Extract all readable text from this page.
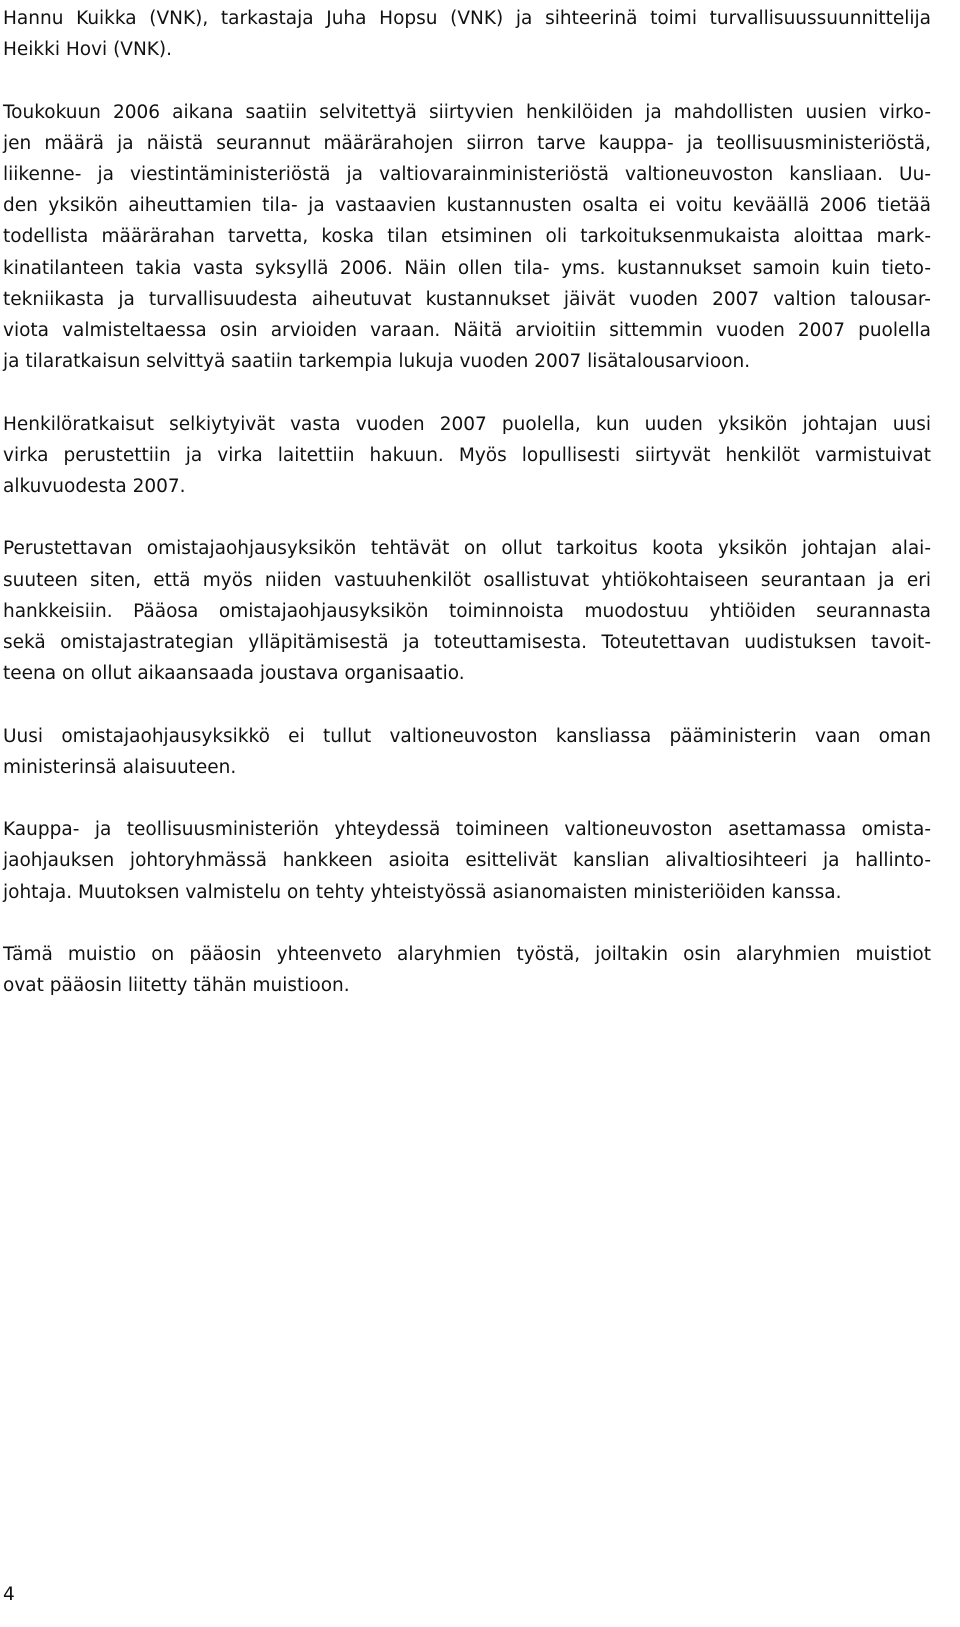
Hannu Kuikka (VNK), tarkastaja Juha Hopsu (VNK) ja sihteerinä toimi turvallisuussuunnittelija
Heikki Hovi (VNK).

Toukokuun 2006 aikana saatiin selvitettyä siirtyvien henkilöiden ja mahdollisten uusien virko-
jen määrä ja näistä seurannut määrärahojen siirron tarve kauppa- ja teollisuusministeriöstä,
liikenne- ja viestintäministeriöstä ja valtiovarainministeriöstä valtioneuvoston kansliaan. Uu-
den yksikön aiheuttamien tila- ja vastaavien kustannusten osalta ei voitu keväällä 2006 tietää
todellista määrärahan tarvetta, koska tilan etsiminen oli tarkoituksenmukaista aloittaa mark-
kinatilanteen takia vasta syksyllä 2006. Näin ollen tila- yms. kustannukset samoin kuin tieto-
tekniikasta ja turvallisuudesta aiheutuvat kustannukset jäivät vuoden 2007 valtion talousar-
viota valmisteltaessa osin arvioiden varaan. Näitä arvioitiin sittemmin vuoden 2007 puolella
ja tilaratkaisun selvittyä saatiin tarkempia lukuja vuoden 2007 lisätalousarvioon.

Henkilöratkaisut selkiytyivät vasta vuoden 2007 puolella, kun uuden yksikön johtajan uusi
virka perustettiin ja virka laitettiin hakuun. Myös lopullisesti siirtyvät henkilöt varmistuivat
alkuvuodesta 2007.

Perustettavan omistajaohjausyksikön tehtävät on ollut tarkoitus koota yksikön johtajan alai-
suuteen siten, että myös niiden vastuuhenkilöt osallistuvat yhtiökohtaiseen seurantaan ja eri
hankkeisiin. Pääosa omistajaohjausyksikön toiminnoista muodostuu yhtiöiden seurannasta
sekä omistajastrategian ylläpitämisestä ja toteuttamisesta. Toteutettavan uudistuksen tavoit-
teena on ollut aikaansaada joustava organisaatio.

Uusi omistajaohjausyksikkö ei tullut valtioneuvoston kansliassa pääministerin vaan oman
ministerinsä alaisuuteen.

Kauppa- ja teollisuusministeriön yhteydessä toimineen valtioneuvoston asettamassa omista-
jaohjauksen johtoryhmässä hankkeen asioita esittelivät kanslian alivaltiosihteeri ja hallinto-
johtaja. Muutoksen valmistelu on tehty yhteistyössä asianomaisten ministeriöiden kanssa.

Tämä muistio on pääosin yhteenveto alaryhmien työstä, joiltakin osin alaryhmien muistiot
ovat pääosin liitetty tähän muistioon.

4
